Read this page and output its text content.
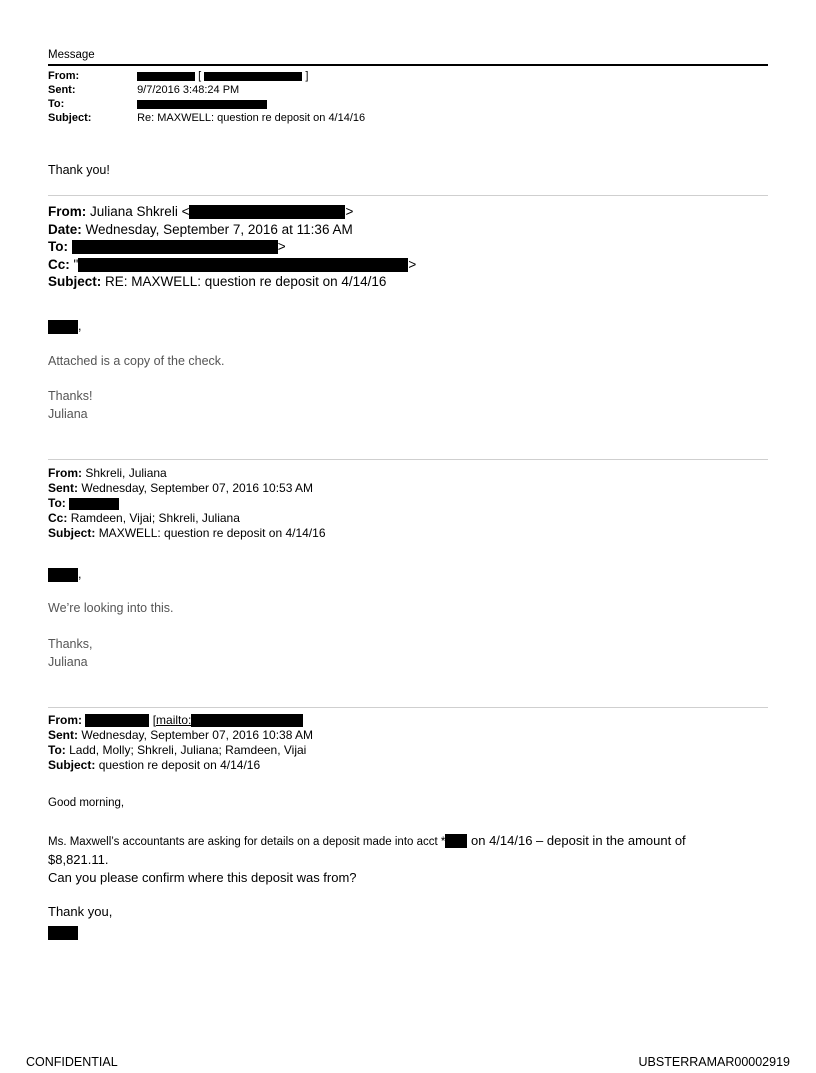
Message
From:	[	]
Sent:	9/7/2016 3:48:24 PM
To:
Subject:	Re: MAXWELL: question re deposit on 4/14/16
Thank you!
From: Juliana Shkreli <	>
Date: Wednesday, September 7, 2016 at 11:36 AM
To:	>
Cc: "	>
Subject: RE: MAXWELL: question re deposit on 4/14/16
,
Attached is a copy of the check.
Thanks!
Juliana
From: Shkreli, Juliana
Sent: Wednesday, September 07, 2016 10:53 AM
To:
Cc: Ramdeen, Vijai; Shkreli, Juliana
Subject: MAXWELL: question re deposit on 4/14/16
,
We’re looking into this.
Thanks,
Juliana
From:	[mailto:
Sent: Wednesday, September 07, 2016 10:38 AM
To: Ladd, Molly; Shkreli, Juliana; Ramdeen, Vijai
Subject: question re deposit on 4/14/16
Good morning,
Ms. Maxwell’s accountants are asking for details on a deposit made into acct * on 4/14/16 – deposit in the amount of
$8,821.11.
Can you please confirm where this deposit was from?
Thank you,
CONFIDENTIAL	UBSTERRAMAR00002919
